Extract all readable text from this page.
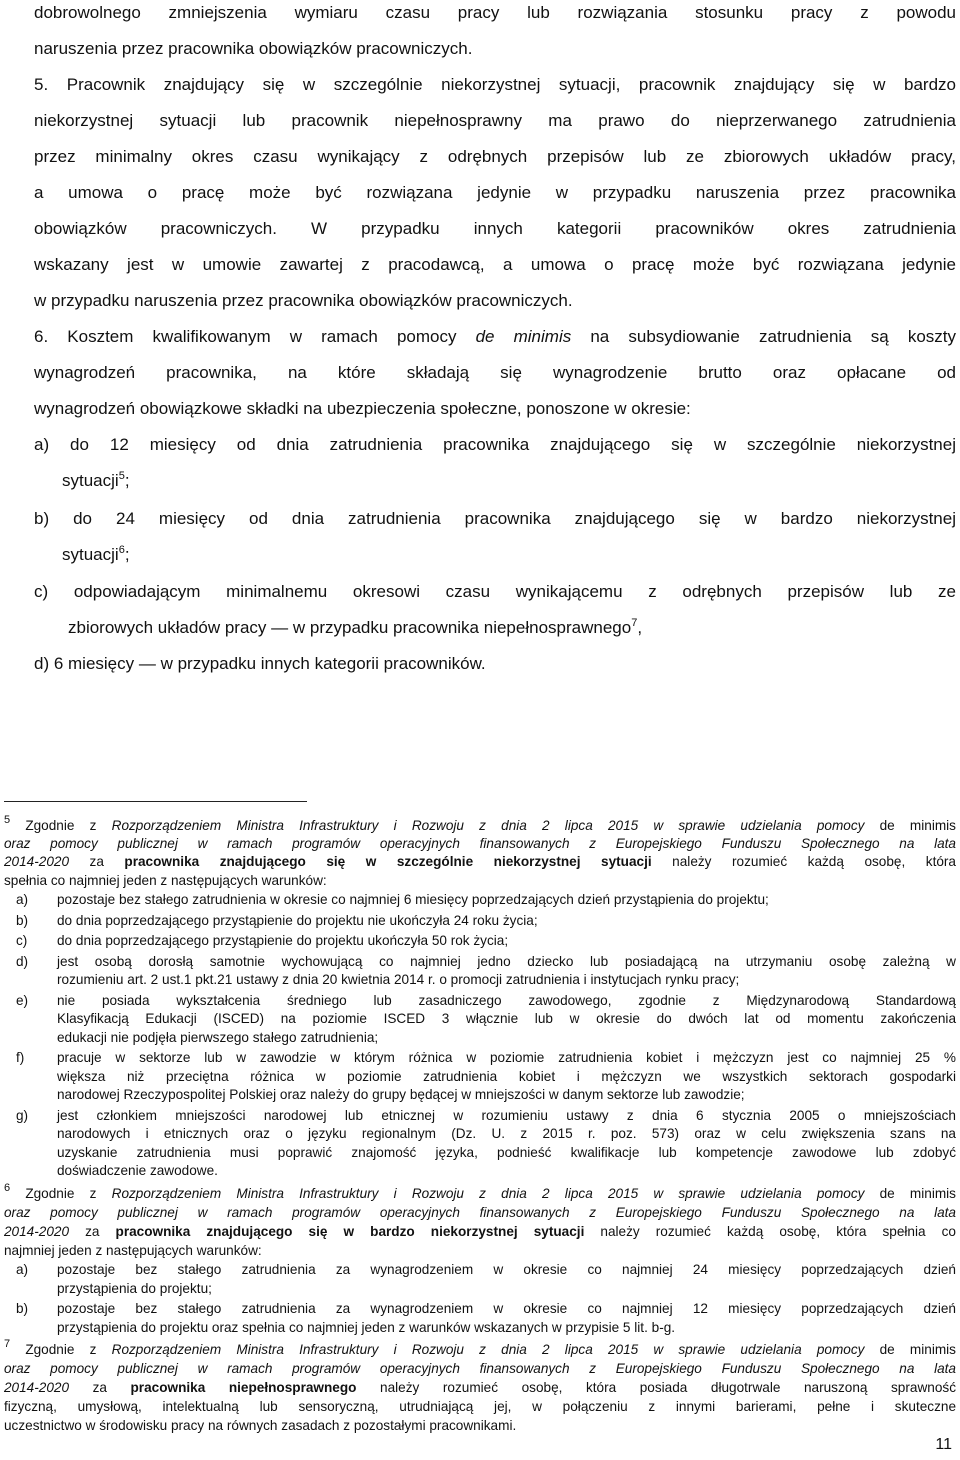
dobrowolnego zmniejszenia wymiaru czasu pracy lub rozwiązania stosunku pracy z powodu
naruszenia przez pracownika obowiązków pracowniczych.
5. Pracownik znajdujący się w szczególnie niekorzystnej sytuacji, pracownik znajdujący się w bardzo
niekorzystnej sytuacji lub pracownik niepełnosprawny ma prawo do nieprzerwanego zatrudnienia
przez minimalny okres czasu wynikający z odrębnych przepisów lub ze zbiorowych układów pracy,
a umowa o pracę może być rozwiązana jedynie w przypadku naruszenia przez pracownika
obowiązków pracowniczych. W przypadku innych kategorii pracowników okres zatrudnienia
wskazany jest w umowie zawartej z pracodawcą, a umowa o pracę może być rozwiązana jedynie
w przypadku naruszenia przez pracownika obowiązków pracowniczych.
6. Kosztem kwalifikowanym w ramach pomocy de minimis na subsydiowanie zatrudnienia są koszty
wynagrodzeń pracownika, na które składają się wynagrodzenie brutto oraz opłacane od
wynagrodzeń obowiązkowe składki na ubezpieczenia społeczne, ponoszone w okresie:
a) do 12 miesięcy od dnia zatrudnienia pracownika znajdującego się w szczególnie niekorzystnej
sytuacji$^5$;
b) do 24 miesięcy od dnia zatrudnienia pracownika znajdującego się w bardzo niekorzystnej
sytuacji$^6$;
c) odpowiadającym minimalnemu okresowi czasu wynikającemu z odrębnych przepisów lub ze
zbiorowych układów pracy — w przypadku pracownika niepełnosprawnego$^7$,
d) 6 miesięcy — w przypadku innych kategorii pracowników.
$^5$ Zgodnie z Rozporządzeniem Ministra Infrastruktury i Rozwoju z dnia 2 lipca 2015 w sprawie udzielania pomocy de minimis
oraz pomocy publicznej w ramach programów operacyjnych finansowanych z Europejskiego Funduszu Społecznego na lata
2014-2020 za pracownika znajdującego się w szczególnie niekorzystnej sytuacji należy rozumieć każdą osobę, która
spełnia co najmniej jeden z następujących warunków:
a) pozostaje bez stałego zatrudnienia w okresie co najmniej 6 miesięcy poprzedzających dzień przystąpienia do projektu;
b) do dnia poprzedzającego przystąpienie do projektu nie ukończyła 24 roku życia;
c) do dnia poprzedzającego przystąpienie do projektu ukończyła 50 rok życia;
d) jest osobą dorosłą samotnie wychowującą co najmniej jedno dziecko lub posiadającą na utrzymaniu osobę zależną w
rozumieniu art. 2 ust.1 pkt.21 ustawy z dnia 20 kwietnia 2014 r. o promocji zatrudnienia i instytucjach rynku pracy;
e) nie posiada wykształcenia średniego lub zasadniczego zawodowego, zgodnie z Międzynarodową Standardową
Klasyfikacją Edukacji (ISCED) na poziomie ISCED 3 włącznie lub w okresie do dwóch lat od momentu zakończenia
edukacji nie podjęła pierwszego stałego zatrudnienia;
f) pracuje w sektorze lub w zawodzie w którym różnica w poziomie zatrudnienia kobiet i mężczyzn jest co najmniej 25 %
większa niż przeciętna różnica w poziomie zatrudnienia kobiet i mężczyzn we wszystkich sektorach gospodarki
narodowej Rzeczypospolitej Polskiej oraz należy do grupy będącej w mniejszości w danym sektorze lub zawodzie;
g) jest członkiem mniejszości narodowej lub etnicznej w rozumieniu ustawy z dnia 6 stycznia 2005 o mniejszościach
narodowych i etnicznych oraz o języku regionalnym (Dz. U. z 2015 r. poz. 573) oraz w celu zwiększenia szans na
uzyskanie zatrudnienia musi poprawić znajomość języka, podnieść kwalifikacje lub kompetencje zawodowe lub zdobyć
doświadczenie zawodowe.
$^6$ Zgodnie z Rozporządzeniem Ministra Infrastruktury i Rozwoju z dnia 2 lipca 2015 w sprawie udzielania pomocy de minimis
oraz pomocy publicznej w ramach programów operacyjnych finansowanych z Europejskiego Funduszu Społecznego na lata
2014-2020 za pracownika znajdującego się w bardzo niekorzystnej sytuacji należy rozumieć każdą osobę, która spełnia co
najmniej jeden z następujących warunków:
a) pozostaje bez stałego zatrudnienia za wynagrodzeniem w okresie co najmniej 24 miesięcy poprzedzających dzień
przystąpienia do projektu;
b) pozostaje bez stałego zatrudnienia za wynagrodzeniem w okresie co najmniej 12 miesięcy poprzedzających dzień
przystąpienia do projektu oraz spełnia co najmniej jeden z warunków wskazanych w przypisie 5 lit. b-g.
$^7$ Zgodnie z Rozporządzeniem Ministra Infrastruktury i Rozwoju z dnia 2 lipca 2015 w sprawie udzielania pomocy de minimis
oraz pomocy publicznej w ramach programów operacyjnych finansowanych z Europejskiego Funduszu Społecznego na lata
2014-2020 za pracownika niepełnosprawnego należy rozumieć osobę, która posiada długotrwale naruszoną sprawność
fizyczną, umysłową, intelektualną lub sensoryczną, utrudniającą jej, w połączeniu z innymi barierami, pełne i skuteczne
uczestnictwo w środowisku pracy na równych zasadach z pozostałymi pracownikami.
11
